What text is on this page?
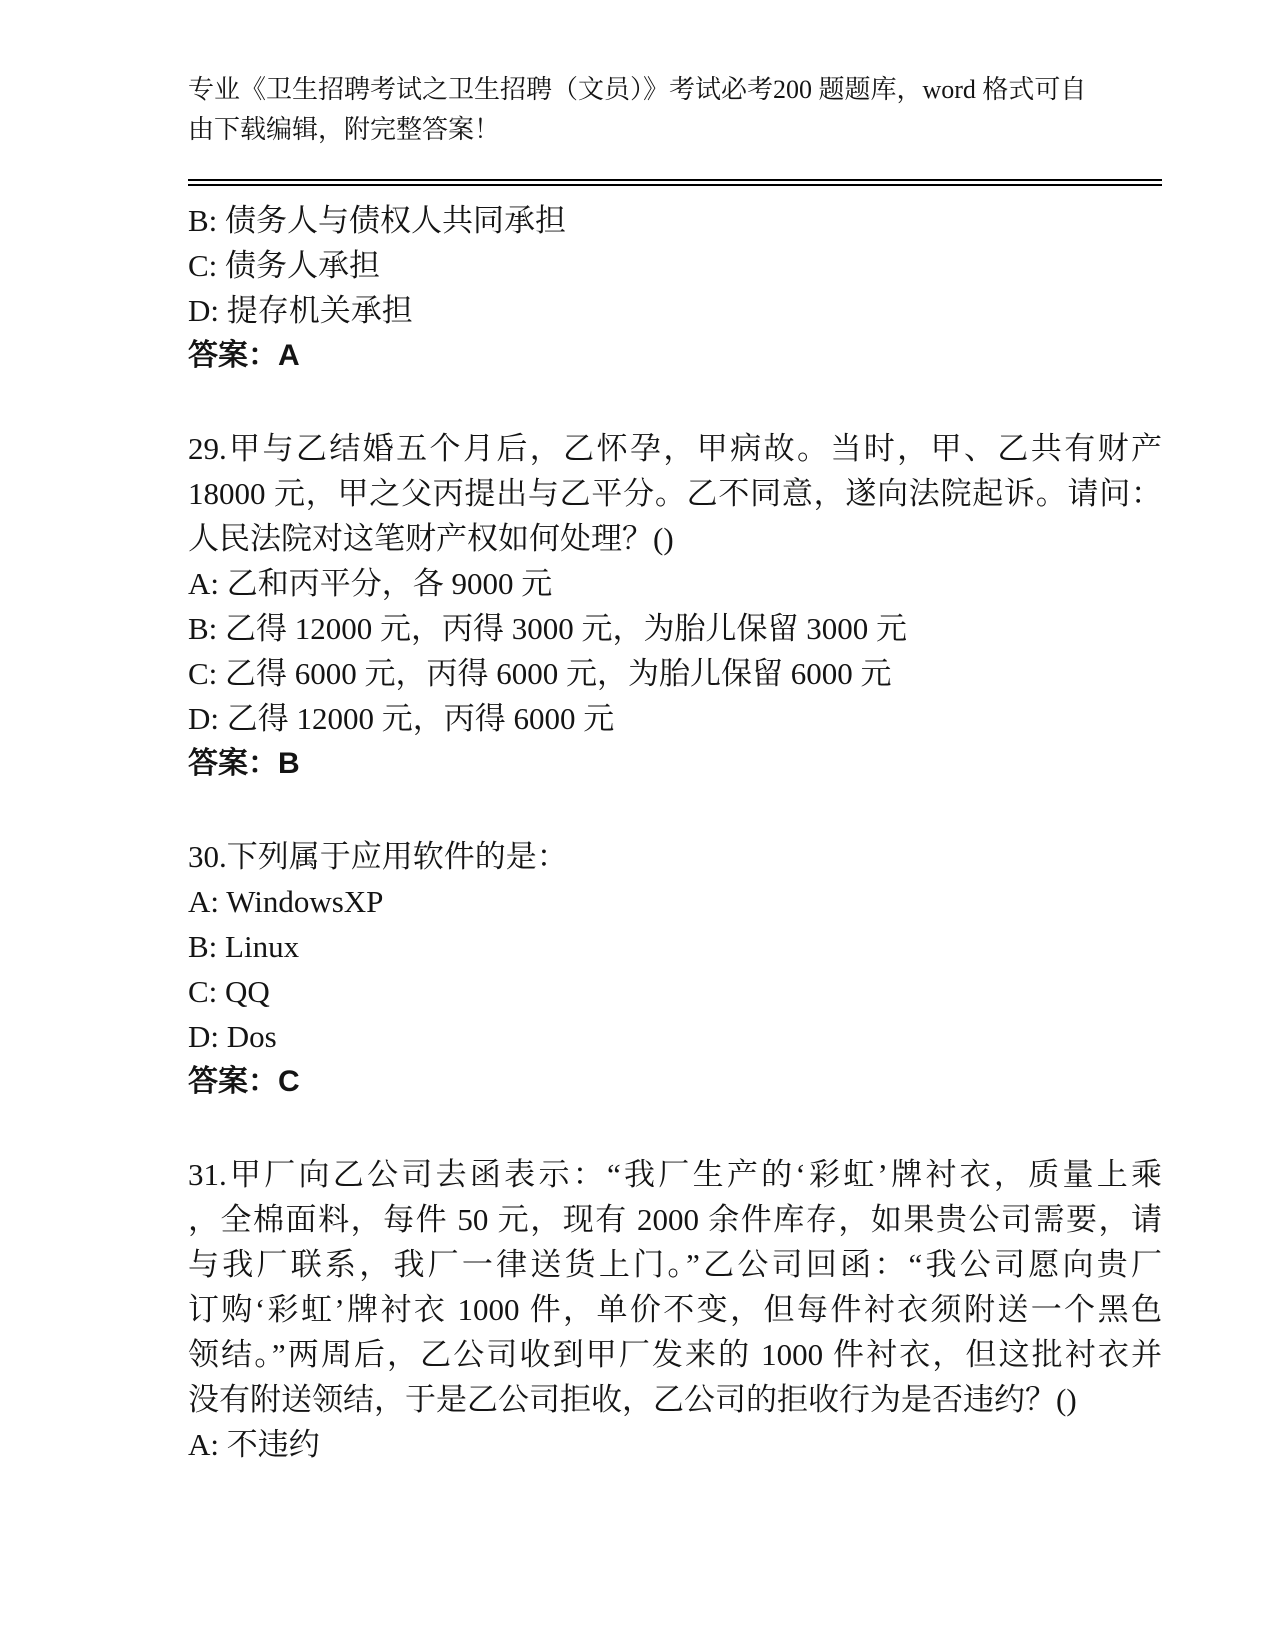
专业《卫生招聘考试之卫生招聘（文员）》考试必考200 题题库，word 格式可自

由下载编辑，附完整答案！

B: 债务人与债权人共同承担

C: 债务人承担

D: 提存机关承担

答案：A

29.甲与乙结婚五个月后，乙怀孕，甲病故。当时，甲、乙共有财产

18000 元，甲之父丙提出与乙平分。乙不同意，遂向法院起诉。请问：

人民法院对这笔财产权如何处理？()

A: 乙和丙平分，各 9000 元

B: 乙得 12000 元，丙得 3000 元，为胎儿保留 3000 元

C: 乙得 6000 元，丙得 6000 元，为胎儿保留 6000 元

D: 乙得 12000 元，丙得 6000 元

答案：B

30.下列属于应用软件的是：

A: WindowsXP

B: Linux

C: QQ

D: Dos

答案：C

31.甲厂向乙公司去函表示：“我厂生产的‘彩虹’牌衬衣，质量上乘

，全棉面料，每件 50 元，现有 2000 余件库存，如果贵公司需要，请

与我厂联系，我厂一律送货上门。”乙公司回函：“我公司愿向贵厂

订购‘彩虹’牌衬衣 1000 件，单价不变，但每件衬衣须附送一个黑色

领结。”两周后，乙公司收到甲厂发来的 1000 件衬衣，但这批衬衣并

没有附送领结，于是乙公司拒收，乙公司的拒收行为是否违约？()

A: 不违约
